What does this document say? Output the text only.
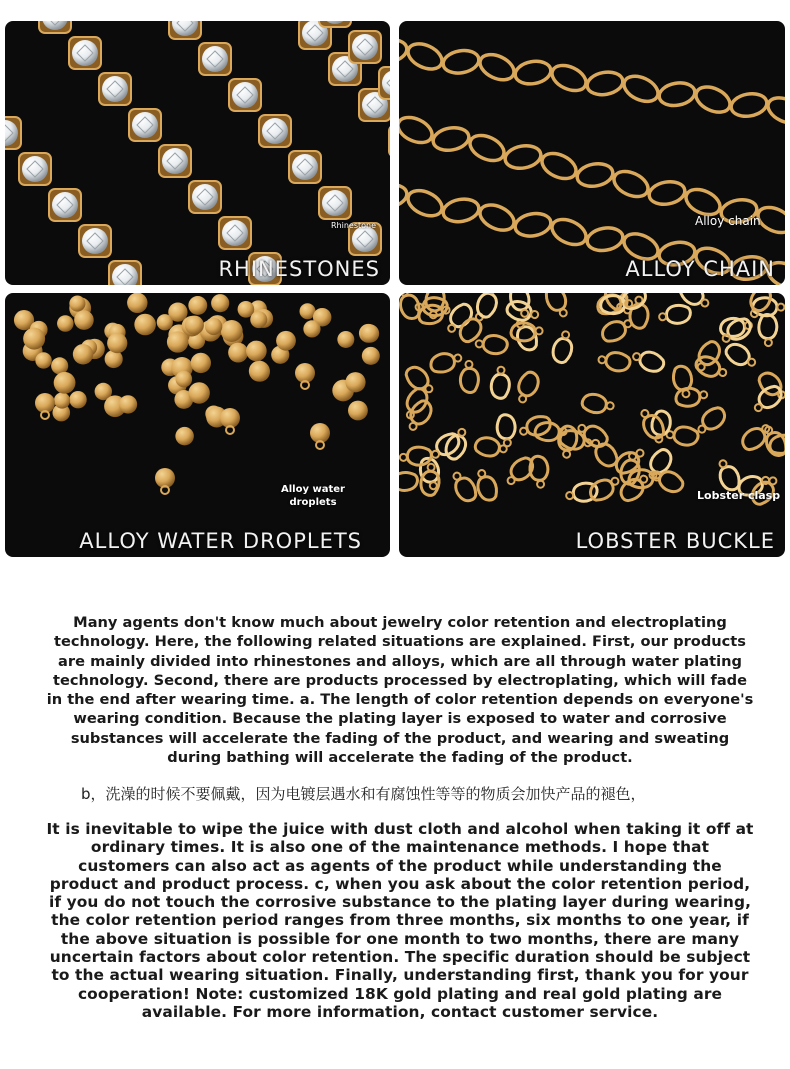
Rhinestone
RHINESTONES
Alloy chain
ALLOY CHAIN
Alloy water droplets
ALLOY WATER DROPLETS
Lobster clasp
LOBSTER BUCKLE
Many agents don't know much about jewelry color retention and electroplating technology. Here, the following related situations are explained. First, our products are mainly divided into rhinestones and alloys, which are all through water plating technology. Second, there are products processed by electroplating, which will fade in the end after wearing time. a. The length of color retention depends on everyone's wearing condition. Because the plating layer is exposed to water and corrosive substances will accelerate the fading of the product, and wearing and sweating during bathing will accelerate the fading of the product.
b，洗澡的时候不要佩戴，因为电镀层遇水和有腐蚀性等等的物质会加快产品的褪色，
It is inevitable to wipe the juice with dust cloth and alcohol when taking it off at ordinary times. It is also one of the maintenance methods. I hope that customers can also act as agents of the product while understanding the product and product process. c, when you ask about the color retention period, if you do not touch the corrosive substance to the plating layer during wearing, the color retention period ranges from three months, six months to one year, if the above situation is possible for one month to two months, there are many uncertain factors about color retention. The specific duration should be subject to the actual wearing situation. Finally, understanding first, thank you for your cooperation! Note: customized 18K gold plating and real gold plating are available. For more information, contact customer service.
